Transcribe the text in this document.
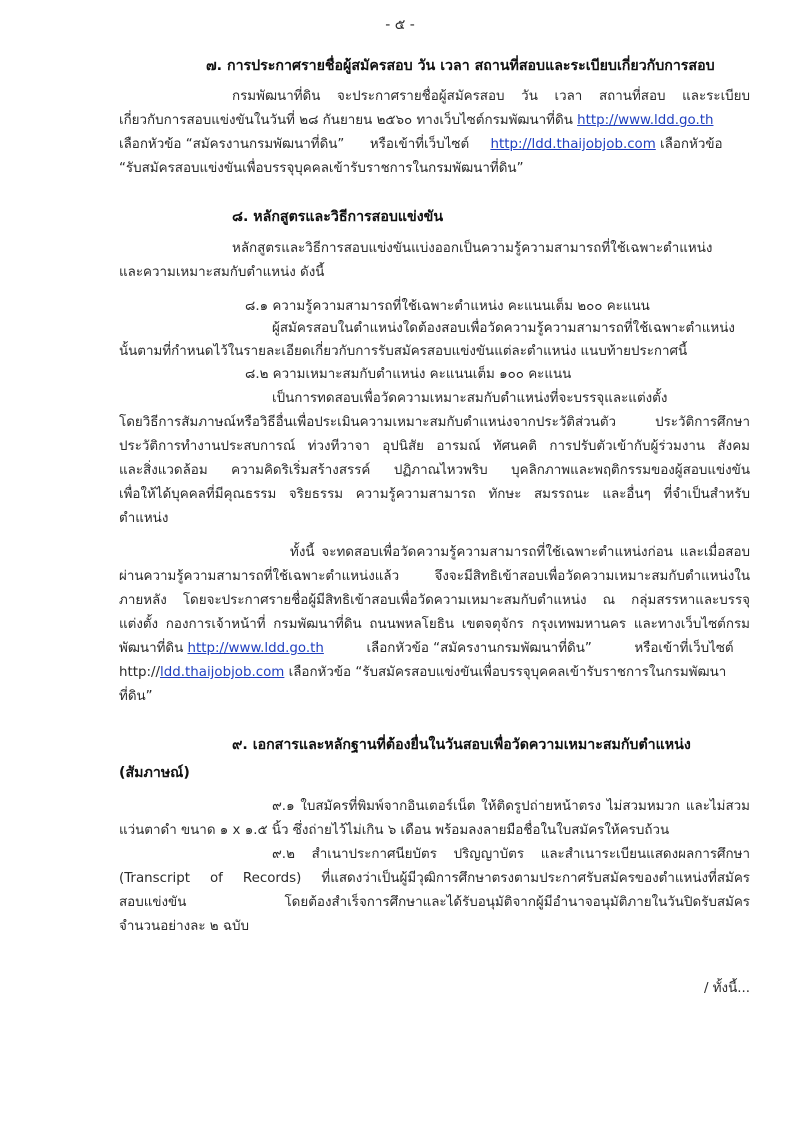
- ๕ -
๗. การประกาศรายชื่อผู้สมัครสอบ วัน เวลา สถานที่สอบและระเบียบเกี่ยวกับการสอบ
กรมพัฒนาที่ดิน จะประกาศรายชื่อผู้สมัครสอบ วัน เวลา สถานที่สอบ และระเบียบ
เกี่ยวกับการสอบแข่งขันในวันที่ ๒๘ กันยายน ๒๕๖๐ ทางเว็บไซต์กรมพัฒนาที่ดิน http://www.ldd.go.th
เลือกหัวข้อ “สมัครงานกรมพัฒนาที่ดิน”      หรือเข้าที่เว็บไซต์     http://ldd.thaijobjob.com เลือกหัวข้อ
“รับสมัครสอบแข่งขันเพื่อบรรจุบุคคลเข้ารับราชการในกรมพัฒนาที่ดิน”
๘. หลักสูตรและวิธีการสอบแข่งขัน
หลักสูตรและวิธีการสอบแข่งขันแบ่งออกเป็นความรู้ความสามารถที่ใช้เฉพาะตำแหน่ง
และความเหมาะสมกับตำแหน่ง ดังนี้
๘.๑ ความรู้ความสามารถที่ใช้เฉพาะตำแหน่ง คะแนนเต็ม ๒๐๐ คะแนน
ผู้สมัครสอบในตำแหน่งใดต้องสอบเพื่อวัดความรู้ความสามารถที่ใช้เฉพาะตำแหน่ง
นั้นตามที่กำหนดไว้ในรายละเอียดเกี่ยวกับการรับสมัครสอบแข่งขันแต่ละตำแหน่ง แนบท้ายประกาศนี้
๘.๒ ความเหมาะสมกับตำแหน่ง คะแนนเต็ม ๑๐๐ คะแนน
เป็นการทดสอบเพื่อวัดความเหมาะสมกับตำแหน่งที่จะบรรจุและแต่งตั้ง
โดยวิธีการสัมภาษณ์หรือวิธีอื่นเพื่อประเมินความเหมาะสมกับตำแหน่งจากประวัติส่วนตัว ประวัติการศึกษา
ประวัติการทำงานประสบการณ์ ท่วงทีวาจา อุปนิสัย อารมณ์ ทัศนคติ การปรับตัวเข้ากับผู้ร่วมงาน สังคม
และสิ่งแวดล้อม ความคิดริเริ่มสร้างสรรค์ ปฏิภาณไหวพริบ บุคลิกภาพและพฤติกรรมของผู้สอบแข่งขัน
เพื่อให้ได้บุคคลที่มีคุณธรรม จริยธรรม ความรู้ความสามารถ ทักษะ สมรรถนะ และอื่นๆ ที่จำเป็นสำหรับ
ตำแหน่ง
ทั้งนี้ จะทดสอบเพื่อวัดความรู้ความสามารถที่ใช้เฉพาะตำแหน่งก่อน และเมื่อสอบ
ผ่านความรู้ความสามารถที่ใช้เฉพาะตำแหน่งแล้ว จึงจะมีสิทธิเข้าสอบเพื่อวัดความเหมาะสมกับตำแหน่งใน
ภายหลัง โดยจะประกาศรายชื่อผู้มีสิทธิเข้าสอบเพื่อวัดความเหมาะสมกับตำแหน่ง ณ กลุ่มสรรหาและบรรจุ
แต่งตั้ง กองการเจ้าหน้าที่ กรมพัฒนาที่ดิน ถนนพหลโยธิน เขตจตุจักร กรุงเทพมหานคร และทางเว็บไซต์กรม
พัฒนาที่ดิน http://www.ldd.go.th          เลือกหัวข้อ “สมัครงานกรมพัฒนาที่ดิน”          หรือเข้าที่เว็บไซต์
http://ldd.thaijobjob.com เลือกหัวข้อ “รับสมัครสอบแข่งขันเพื่อบรรจุบุคคลเข้ารับราชการในกรมพัฒนา
ที่ดิน”
๙. เอกสารและหลักฐานที่ต้องยื่นในวันสอบเพื่อวัดความเหมาะสมกับตำแหน่ง
(สัมภาษณ์)
๙.๑ ใบสมัครที่พิมพ์จากอินเตอร์เน็ต ให้ติดรูปถ่ายหน้าตรง ไม่สวมหมวก และไม่สวม
แว่นตาดำ ขนาด ๑ x ๑.๕ นิ้ว ซึ่งถ่ายไว้ไม่เกิน ๖ เดือน พร้อมลงลายมือชื่อในใบสมัครให้ครบถ้วน
๙.๒ สำเนาประกาศนียบัตร ปริญญาบัตร และสำเนาระเบียนแสดงผลการศึกษา
(Transcript of Records) ที่แสดงว่าเป็นผู้มีวุฒิการศึกษาตรงตามประกาศรับสมัครของตำแหน่งที่สมัคร
สอบแข่งขัน โดยต้องสำเร็จการศึกษาและได้รับอนุมัติจากผู้มีอำนาจอนุมัติภายในวันปิดรับสมัคร
จำนวนอย่างละ ๒ ฉบับ
/ ทั้งนี้...
